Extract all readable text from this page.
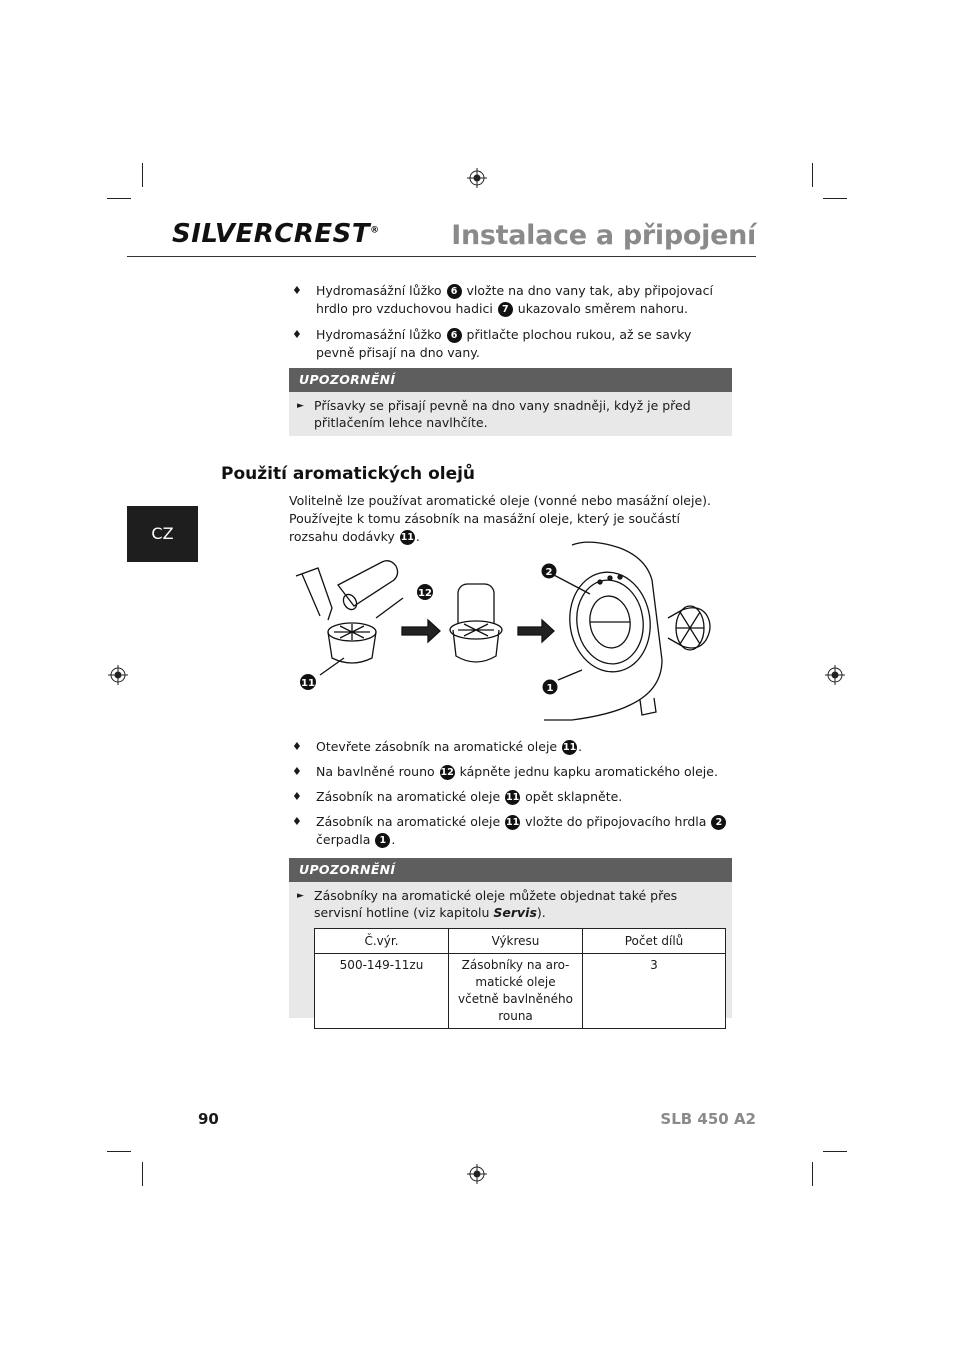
SILVERCREST®	Instalace a připojení
♦ Hydromasážní lůžko 6 vložte na dno vany tak, aby připojovací hrdlo pro vzduchovou hadici 7 ukazovalo směrem nahoru.
♦ Hydromasážní lůžko 6 přitlačte plochou rukou, až se savky pevně přisají na dno vany.
UPOZORNĚNÍ
► Přísavky se přisají pevně na dno vany snadněji, když je před přitlačením lehce navlhčíte.
Použití aromatických olejů
Volitelně lze používat aromatické oleje (vonné nebo masážní oleje). Používejte k tomu zásobník na masážní oleje, který je součástí rozsahu dodávky 11 .
CZ
12
11
2
1
♦ Otevřete zásobník na aromatické oleje 11 .
♦ Na bavlněné rouno 12 kápněte jednu kapku aromatického oleje.
♦ Zásobník na aromatické oleje 11 opět sklapněte.
♦ Zásobník na aromatické oleje 11 vložte do připojovacího hrdla 2
čerpadla 1 .
UPOZORNĚNÍ
► Zásobníky na aromatické oleje můžete objednat také přes servisní hotline (viz kapitolu Servis).
Č.výr.	Výkresu	Počet dílů
500-149-11zu	Zásobníky na aromatické oleje včetně bavlněného rouna	3
90	SLB 450 A2
